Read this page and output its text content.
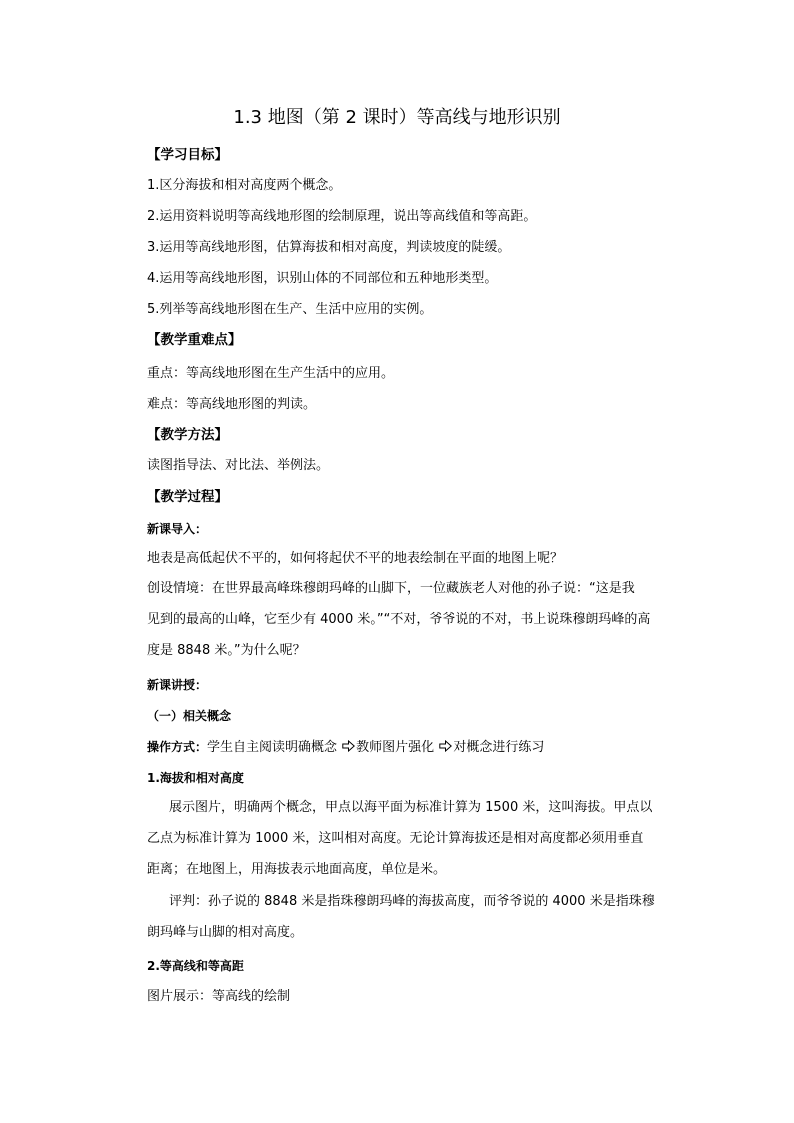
1.3 地图（第 2 课时）等高线与地形识别
【学习目标】
1.区分海拔和相对高度两个概念。
2.运用资料说明等高线地形图的绘制原理，说出等高线值和等高距。
3.运用等高线地形图，估算海拔和相对高度，判读坡度的陡缓。
4.运用等高线地形图，识别山体的不同部位和五种地形类型。
5.列举等高线地形图在生产、生活中应用的实例。
【教学重难点】
重点：等高线地形图在生产生活中的应用。
难点：等高线地形图的判读。
【教学方法】
读图指导法、对比法、举例法。
【教学过程】
新课导入：
地表是高低起伏不平的，如何将起伏不平的地表绘制在平面的地图上呢？
创设情境：在世界最高峰珠穆朗玛峰的山脚下，一位藏族老人对他的孙子说：“这是我
见到的最高的山峰，它至少有 4000 米。”“不对，爷爷说的不对，书上说珠穆朗玛峰的高
度是 8848 米。”为什么呢？
新课讲授：
（一）相关概念
操作方式：学生自主阅读明确概念 教师图片强化 对概念进行练习
1.海拔和相对高度
展示图片，明确两个概念，甲点以海平面为标准计算为 1500 米，这叫海拔。甲点以
乙点为标准计算为 1000 米，这叫相对高度。无论计算海拔还是相对高度都必须用垂直
距离；在地图上，用海拔表示地面高度，单位是米。
评判：孙子说的 8848 米是指珠穆朗玛峰的海拔高度，而爷爷说的 4000 米是指珠穆
朗玛峰与山脚的相对高度。
2.等高线和等高距
图片展示：等高线的绘制
